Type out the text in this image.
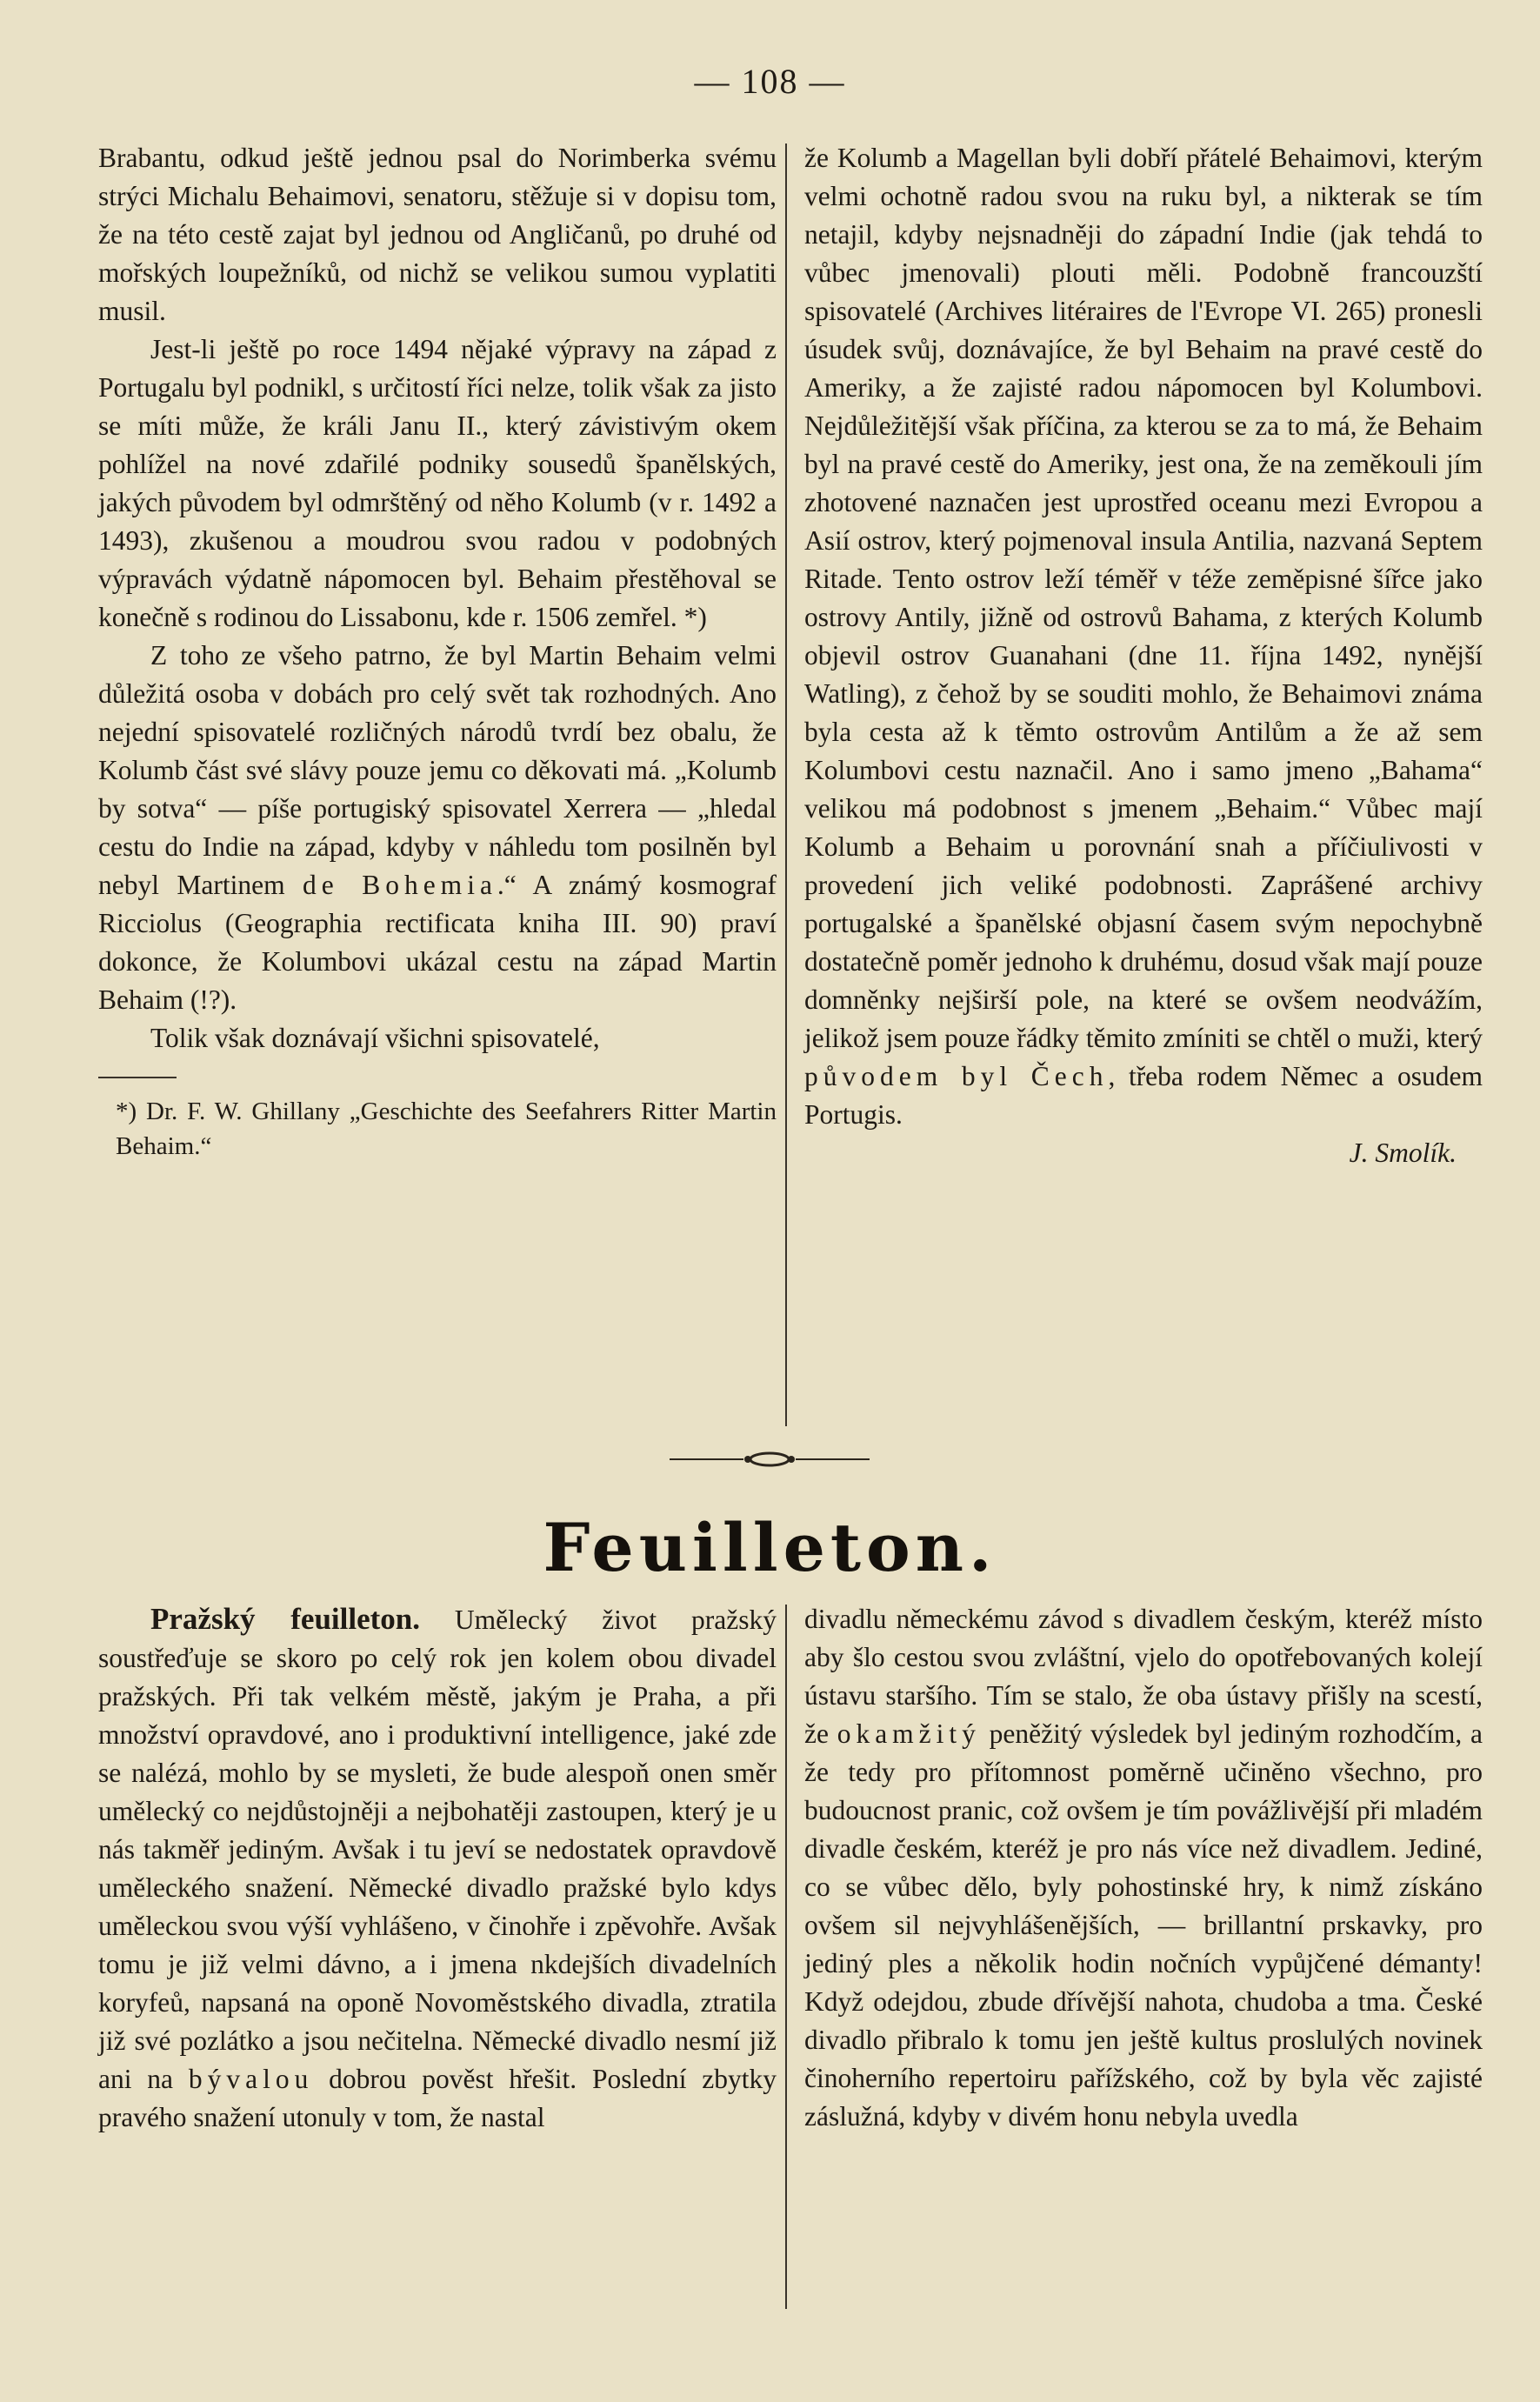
— 108 —

Brabantu, odkud ještě jednou psal do Norimberka svému strýci Michalu Behaimovi, senatoru, stěžuje si v dopisu tom, že na této cestě zajat byl jednou od Angličanů, po druhé od mořských loupežníků, od nichž se velikou sumou vyplatiti musil.

Jest-li ještě po roce 1494 nějaké výpravy na západ z Portugalu byl podnikl, s určitostí říci nelze, tolik však za jisto se míti může, že králi Janu II., který závistivým okem pohlížel na nové zdařilé podniky sousedů španělských, jakých původem byl odmrštěný od něho Kolumb (v r. 1492 a 1493), zkušenou a moudrou svou radou v podobných výpravách výdatně nápomocen byl. Behaim přestěhoval se konečně s rodinou do Lissabonu, kde r. 1506 zemřel. *)

Z toho ze všeho patrno, že byl Martin Behaim velmi důležitá osoba v dobách pro celý svět tak rozhodných. Ano nejední spisovatelé rozličných národů tvrdí bez obalu, že Kolumb část své slávy pouze jemu co děkovati má. „Kolumb by sotva“ — píše portugiský spisovatel Xerrera — „hledal cestu do Indie na západ, kdyby v náhledu tom posilněn byl nebyl Martinem de Bohemia.“ A známý kosmograf Ricciolus (Geographia rectificata kniha III. 90) praví dokonce, že Kolumbovi ukázal cestu na západ Martin Behaim (!?).

Tolik však doznávají všichni spisovatelé,

*) Dr. F. W. Ghillany „Geschichte des Seefahrers Ritter Martin Behaim.“

že Kolumb a Magellan byli dobří přátelé Behaimovi, kterým velmi ochotně radou svou na ruku byl, a nikterak se tím netajil, kdyby nejsnadněji do západní Indie (jak tehdá to vůbec jmenovali) plouti měli. Podobně francouzští spisovatelé (Archives litéraires de l'Evrope VI. 265) pronesli úsudek svůj, doznávajíce, že byl Behaim na pravé cestě do Ameriky, a že zajisté radou nápomocen byl Kolumbovi. Nejdůležitější však příčina, za kterou se za to má, že Behaim byl na pravé cestě do Ameriky, jest ona, že na zeměkouli jím zhotovené naznačen jest uprostřed oceanu mezi Evropou a Asií ostrov, který pojmenoval insula Antilia, nazvaná Septem Ritade. Tento ostrov leží téměř v téže zeměpisné šířce jako ostrovy Antily, jižně od ostrovů Bahama, z kterých Kolumb objevil ostrov Guanahani (dne 11. října 1492, nynější Watling), z čehož by se souditi mohlo, že Behaimovi známa byla cesta až k těmto ostrovům Antilům a že až sem Kolumbovi cestu naznačil. Ano i samo jmeno „Bahama“ velikou má podobnost s jmenem „Behaim.“ Vůbec mají Kolumb a Behaim u porovnání snah a příčiulivosti v provedení jich veliké podobnosti. Zaprášené archivy portugalské a španělské objasní časem svým nepochybně dostatečně poměr jednoho k druhému, dosud však mají pouze domněnky nejširší pole, na které se ovšem neodvážím, jelikož jsem pouze řádky těmito zmíniti se chtěl o muži, který původem byl Čech, třeba rodem Němec a osudem Portugis.

J. Smolík.

Feuilleton.

Pražský feuilleton. Umělecký život pražský soustřeďuje se skoro po celý rok jen kolem obou divadel pražských. Při tak velkém městě, jakým je Praha, a při množství opravdové, ano i produktivní intelligence, jaké zde se nalézá, mohlo by se mysleti, že bude alespoň onen směr umělecký co nejdůstojněji a nejbohatěji zastoupen, který je u nás takměř jediným. Avšak i tu jeví se nedostatek opravdově uměleckého snažení. Německé divadlo pražské bylo kdys uměleckou svou výší vyhlášeno, v činohře i zpěvohře. Avšak tomu je již velmi dávno, a i jmena nkdejších divadelních koryfeů, napsaná na oponě Novoměstského divadla, ztratila již své pozlátko a jsou nečitelna. Německé divadlo nesmí již ani na bývalou dobrou pověst hřešit. Poslední zbytky pravého snažení utonuly v tom, že nastal

divadlu německému závod s divadlem českým, kteréž místo aby šlo cestou svou zvláštní, vjelo do opotřebovaných kolejí ústavu staršího. Tím se stalo, že oba ústavy přišly na scestí, že okamžitý peněžitý výsledek byl jediným rozhodčím, a že tedy pro přítomnost poměrně učiněno všechno, pro budoucnost pranic, což ovšem je tím povážlivější při mladém divadle českém, kteréž je pro nás více než divadlem. Jediné, co se vůbec dělo, byly pohostinské hry, k nimž získáno ovšem sil nejvyhlášenějších, — brillantní prskavky, pro jediný ples a několik hodin nočních vypůjčené démanty! Když odejdou, zbude dřívější nahota, chudoba a tma. České divadlo přibralo k tomu jen ještě kultus proslulých novinek činoherního repertoiru pařížského, což by byla věc zajisté záslužná, kdyby v divém honu nebyla uvedla
